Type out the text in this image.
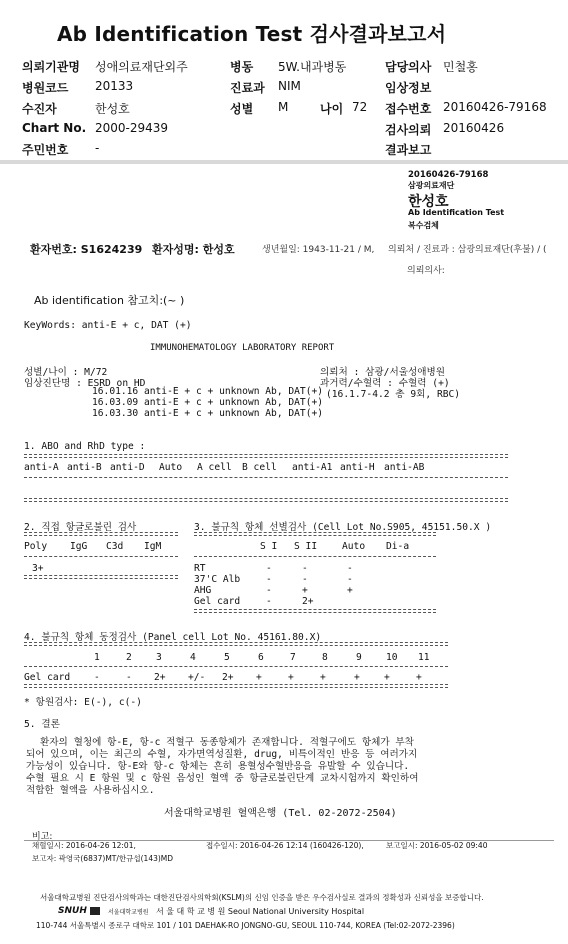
Ab Identification Test 검사결과보고서
의뢰기관명 성애의료재단외주	병동 5W.내과병동	담당의사 민철홍
병원코드 20133	진료과 NIM	임상정보
수진자	한성호	성별 M	나이 72 접수번호 20160426-79168
Chart No. 2000-29439	검사의뢰 20160426
주민번호 -	결과보고
20160426-79168
삼광의료재단
한성호
Ab Identification Test
복수검체
환자번호: S1624239 환자성명: 한성호	생년월일: 1943-11-21 / M, 의뢰처 / 진료과 : 삼광의료재단(후불) / (
의뢰의사:
Ab identification 참고치:(~ )
KeyWords: anti-E + c, DAT (+)
IMMUNOHEMATOLOGY LABORATORY REPORT
성별/나이 : M/72
임상진단명 : ESRD on HD
16.01.16 anti-E + c + unknown Ab, DAT(+)
16.03.09 anti-E + c + unknown Ab, DAT(+)
16.03.30 anti-E + c + unknown Ab, DAT(+)
의뢰처 : 삼광/서울성애병원
과거력/수혈력 : 수혈력 (+)
(16.1.7-4.2 총 9회, RBC)
1. ABO and RhD type :
anti-A anti-B anti-D Auto A cell B cell anti-A1 anti-H anti-AB
2. 직접 항글로불린 검사
Poly IgG C3d IgM
3+
3. 불규칙 항체 선별검사 (Cell Lot No.S905, 45151.50.X )
S I S II	Auto Di-a
RT	-	-	-
37'C Alb	-	-	-
AHG	-	+	+
Gel card	-	2+
4. 불규칙 항체 동정검사 (Panel cell Lot No. 45161.80.X)
1	2	3	4	5	6	7	8	9	10 11
Gel card -	- 2+ +/- 2+ +	+	+	+	+	+
* 항원검사: E(-), c(-)
5. 결론
환자의 혈청에 항-E, 항-c 적혈구 동종항체가 존재합니다. 적혈구에도 항체가 부착
되어 있으며, 이는 최근의 수혈, 자가면역성질환, drug, 비특이적인 반응 등 여러가지
가능성이 있습니다. 항-E와 항-c 항체는 흔히 용혈성수혈반응을 유발할 수 있습니다.
수혈 필요 시 E 항원 및 c 항원 음성인 혈액 중 항글로불린단계 교차시험까지 확인하여
적합한 혈액을 사용하십시오.
서울대학교병원 혈액은행 (Tel. 02-2072-2504)
비고:
채혈일시: 2016-04-26 12:01,	접수일시: 2016-04-26 12:14 (160426-120),	보고일시: 2016-05-02 09:40
보고자: 곽영국(6837)MT/한규섭(143)MD
서울대학교병원 진단검사의학과는 대한진단검사의학회(KSLM)의 신임 인증을 받은 우수검사실로 결과의 정확성과 신뢰성을 보증합니다.
SNUH	서울대학교병원 서 울 대 학 교 병 원 Seoul National University Hospital
110-744 서울특별시 종로구 대학로 101 / 101 DAEHAK-RO JONGNO-GU, SEOUL 110-744, KOREA (Tel:02-2072-2396)
